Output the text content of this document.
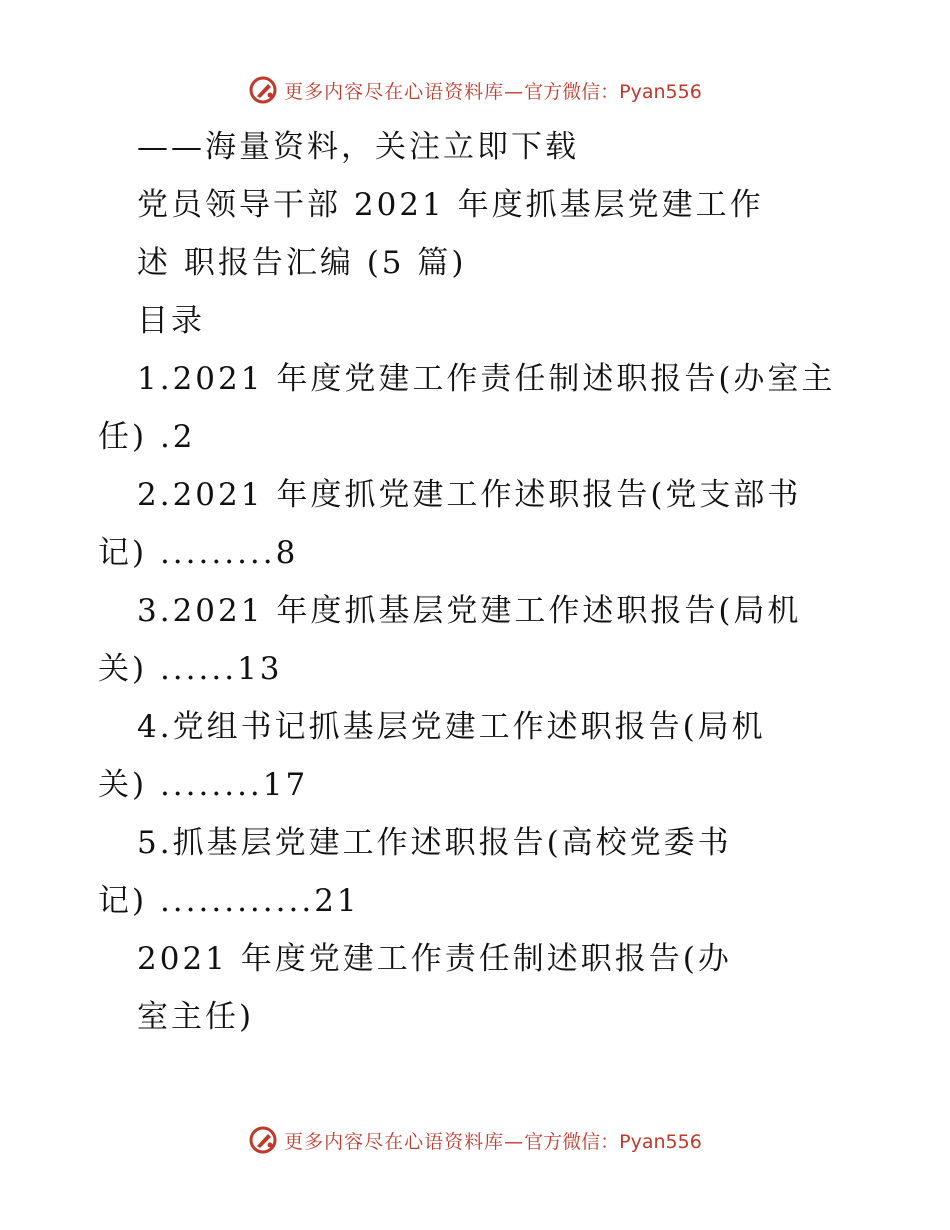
更多内容尽在心语资料库— 官方微信：Pyan556
——海量资料，关注立即下载
党员领导干部 2021 年度抓基层党建工作
述 职报告汇编 (5 篇)
目录
1.2021 年度党建工作责任制述职报告(办室主
任) .2
2.2021 年度抓党建工作述职报告(党支部书
记) .........8
3.2021 年度抓基层党建工作述职报告(局机
关) ......13
4.党组书记抓基层党建工作述职报告(局机
关) ........17
5.抓基层党建工作述职报告(高校党委书
记) ............21
2021 年度党建工作责任制述职报告(办
室主任)
更多内容尽在心语资料库— 官方微信：Pyan556
